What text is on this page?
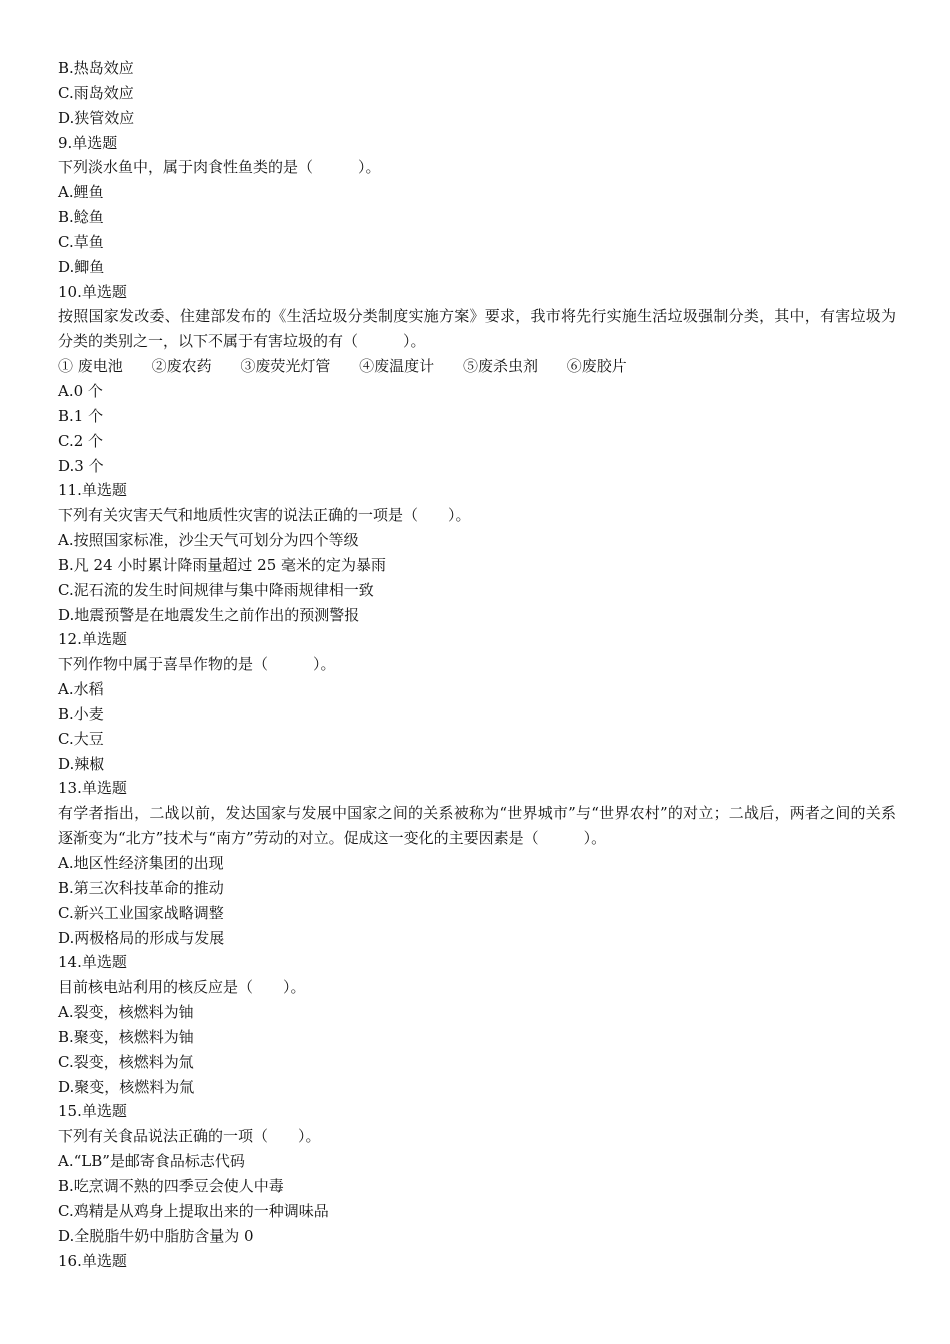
B.热岛效应
C.雨岛效应
D.狭管效应
9.单选题
下列淡水鱼中，属于肉食性鱼类的是（　　　）。
A.鲤鱼
B.鲶鱼
C.草鱼
D.鲫鱼
10.单选题
按照国家发改委、住建部发布的《生活垃圾分类制度实施方案》要求，我市将先行实施生活垃圾强制分类，其中，有害垃圾为分类的类别之一，以下不属于有害垃圾的有（　　　）。
① 废电池 ②废农药 ③废荧光灯管 ④废温度计 ⑤废杀虫剂 ⑥废胶片
A.0 个
B.1 个
C.2 个
D.3 个
11.单选题
下列有关灾害天气和地质性灾害的说法正确的一项是（　　）。
A.按照国家标准，沙尘天气可划分为四个等级
B.凡 24 小时累计降雨量超过 25 毫米的定为暴雨
C.泥石流的发生时间规律与集中降雨规律相一致
D.地震预警是在地震发生之前作出的预测警报
12.单选题
下列作物中属于喜旱作物的是（　　　）。
A.水稻
B.小麦
C.大豆
D.辣椒
13.单选题
有学者指出，二战以前，发达国家与发展中国家之间的关系被称为“世界城市”与“世界农村”的对立；二战后，两者之间的关系逐渐变为“北方”技术与“南方”劳动的对立。促成这一变化的主要因素是（　　　）。
A.地区性经济集团的出现
B.第三次科技革命的推动
C.新兴工业国家战略调整
D.两极格局的形成与发展
14.单选题
目前核电站利用的核反应是（　　）。
A.裂变，核燃料为铀
B.聚变，核燃料为铀
C.裂变，核燃料为氚
D.聚变，核燃料为氚
15.单选题
下列有关食品说法正确的一项（　　）。
A.“LB”是邮寄食品标志代码
B.吃烹调不熟的四季豆会使人中毒
C.鸡精是从鸡身上提取出来的一种调味品
D.全脱脂牛奶中脂肪含量为 0
16.单选题
